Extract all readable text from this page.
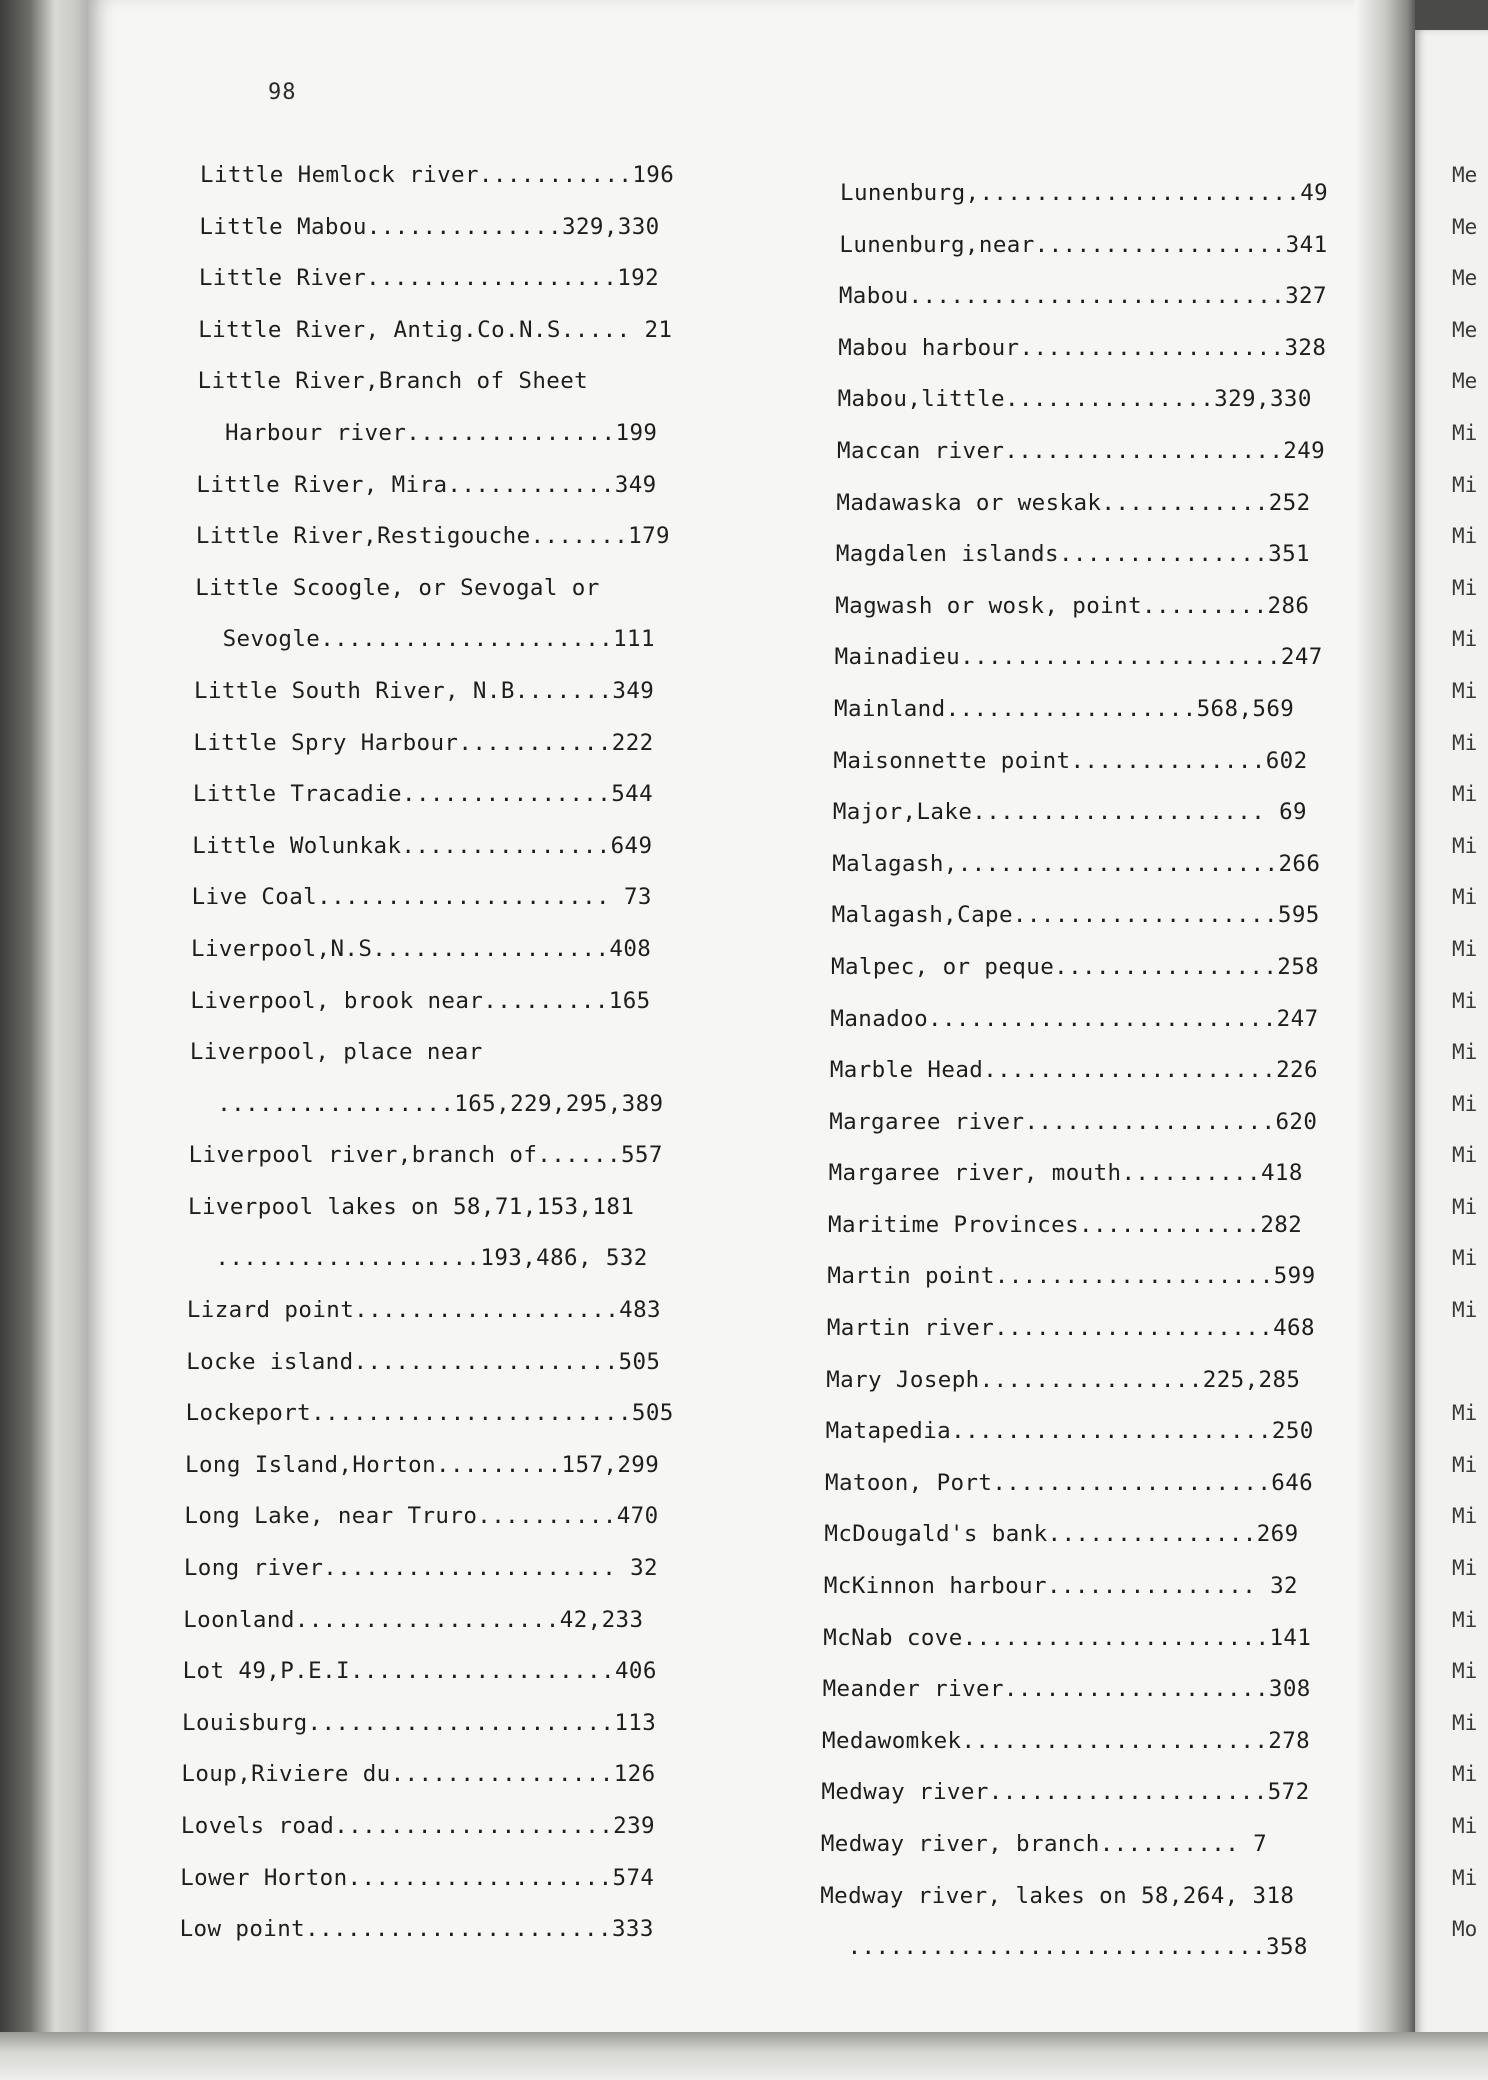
98
Little Hemlock river...........196
Little Mabou..............329,330
Little River..................192
Little River, Antig.Co.N.S..... 21
Little River,Branch of Sheet
Harbour river...............199
Little River, Mira............349
Little River,Restigouche.......179
Little Scoogle, or Sevogal or
Sevogle.....................111
Little South River, N.B.......349
Little Spry Harbour...........222
Little Tracadie...............544
Little Wolunkak...............649
Live Coal..................... 73
Liverpool,N.S.................408
Liverpool, brook near.........165
Liverpool, place near
.................165,229,295,389
Liverpool river,branch of......557
Liverpool lakes on 58,71,153,181
...................193,486, 532
Lizard point...................483
Locke island...................505
Lockeport.......................505
Long Island,Horton.........157,299
Long Lake, near Truro..........470
Long river..................... 32
Loonland...................42,233
Lot 49,P.E.I...................406
Louisburg......................113
Loup,Riviere du................126
Lovels road....................239
Lower Horton...................574
Low point......................333
Lunenburg,.......................49
Lunenburg,near..................341
Mabou...........................327
Mabou harbour...................328
Mabou,little...............329,330
Maccan river....................249
Madawaska or weskak............252
Magdalen islands...............351
Magwash or wosk, point.........286
Mainadieu.......................247
Mainland..................568,569
Maisonnette point..............602
Major,Lake..................... 69
Malagash,.......................266
Malagash,Cape...................595
Malpec, or peque................258
Manadoo.........................247
Marble Head.....................226
Margaree river..................620
Margaree river, mouth..........418
Maritime Provinces.............282
Martin point....................599
Martin river....................468
Mary Joseph................225,285
Matapedia.......................250
Matoon, Port....................646
McDougald's bank...............269
McKinnon harbour............... 32
McNab cove......................141
Meander river...................308
Medawomkek......................278
Medway river....................572
Medway river, branch.......... 7
Medway river, lakes on 58,264, 318
..............................358
Me
Me
Me
Me
Me
Mi
Mi
Mi
Mi
Mi
Mi
Mi
Mi
Mi
Mi
Mi
Mi
Mi
Mi
Mi
Mi
Mi
Mi
Mi
Mi
Mi
Mi
Mi
Mi
Mi
Mi
Mi
Mi
Mo
